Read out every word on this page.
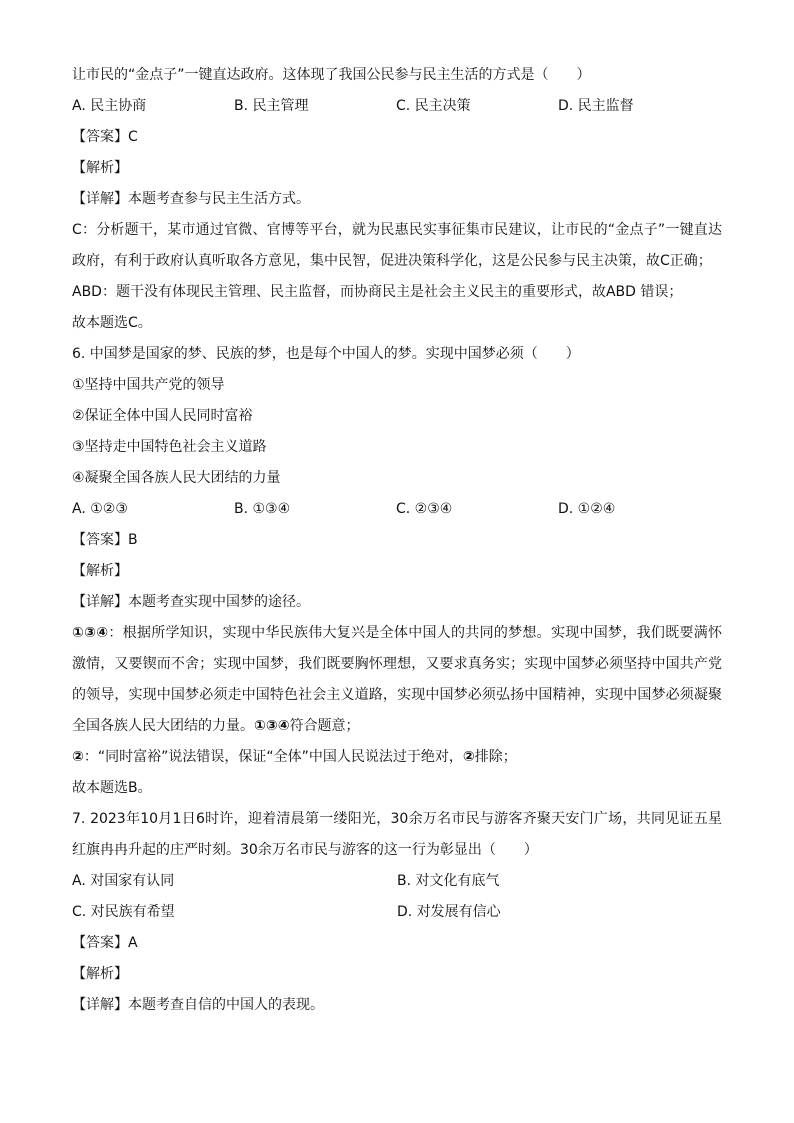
让市民的“金点子”一键直达政府。这体现了我国公民参与民主生活的方式是（　　）
A. 民主协商	B. 民主管理	C. 民主决策	D. 民主监督
【答案】C
【解析】
【详解】本题考查参与民主生活方式。
C：分析题干，某市通过官微、官博等平台，就为民惠民实事征集市民建议，让市民的“金点子”一键直达政府，有利于政府认真听取各方意见，集中民智，促进决策科学化，这是公民参与民主决策，故C正确；
ABD：题干没有体现民主管理、民主监督，而协商民主是社会主义民主的重要形式，故ABD 错误；
故本题选C。
6. 中国梦是国家的梦、民族的梦，也是每个中国人的梦。实现中国梦必须（　　）
①坚持中国共产党的领导
②保证全体中国人民同时富裕
③坚持走中国特色社会主义道路
④凝聚全国各族人民大团结的力量
A. ①②③	B. ①③④	C. ②③④	D. ①②④
【答案】B
【解析】
【详解】本题考查实现中国梦的途径。
①③④：根据所学知识，实现中华民族伟大复兴是全体中国人的共同的梦想。实现中国梦，我们既要满怀激情，又要锲而不舍；实现中国梦，我们既要胸怀理想，又要求真务实；实现中国梦必须坚持中国共产党的领导，实现中国梦必须走中国特色社会主义道路，实现中国梦必须弘扬中国精神，实现中国梦必须凝聚全国各族人民大团结的力量。①③④符合题意；
②：“同时富裕”说法错误，保证“全体”中国人民说法过于绝对，②排除；
故本题选B。
7. 2023年10月1日6时许，迎着清晨第一缕阳光，30余万名市民与游客齐聚天安门广场，共同见证五星红旗冉冉升起的庄严时刻。30余万名市民与游客的这一行为彰显出（　　）
A. 对国家有认同	B. 对文化有底气
C. 对民族有希望	D. 对发展有信心
【答案】A
【解析】
【详解】本题考查自信的中国人的表现。
